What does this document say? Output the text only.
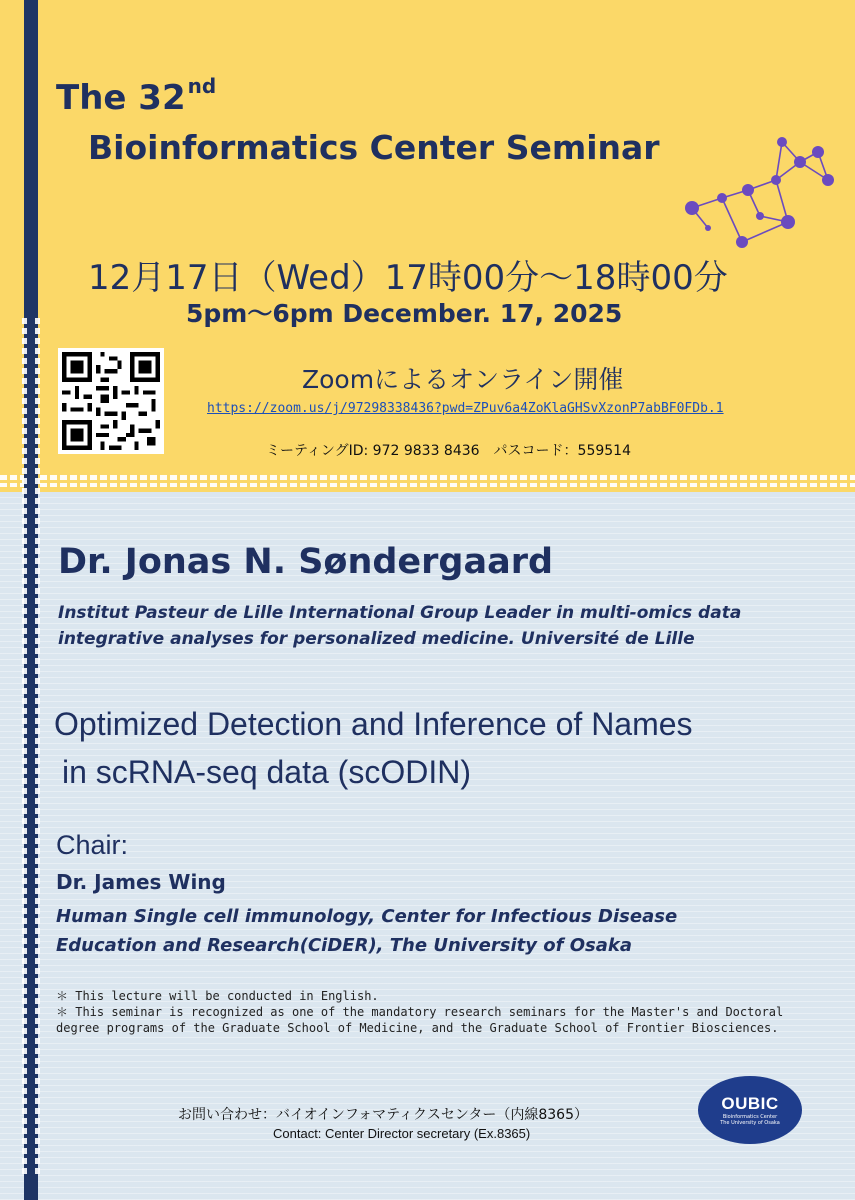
The 32 $^{nd}$
Bioinformatics Center Seminar
12月17日（Wed）17時00分～18時00分
5pm～6pm December. 17, 2025
Zoomによるオンライン開催
https://zoom.us/j/97298338436?pwd=ZPuv6a4ZoKlaGHSvXzonP7abBF0FDb.1
ミーティングID: 972 9833 8436　パスコード：559514
Dr. Jonas N. Søndergaard
Institut Pasteur de Lille International Group Leader in multi-omics data integrative analyses for personalized medicine. Université de Lille
Optimized Detection and Inference of Names
in scRNA-seq data (scODIN)
Chair:
Dr. James Wing
Human Single cell immunology, Center for Infectious Disease
Education and Research(CiDER), The University of Osaka
＊ This lecture will be conducted in English.
＊ This seminar is recognized as one of the mandatory research seminars for the Master's and Doctoral degree programs of the Graduate School of Medicine, and the Graduate School of Frontier Biosciences.
お問い合わせ：バイオインフォマティクスセンター（内線8365）
Contact: Center Director secretary (Ex.8365)
OUBIC
Bioinformatics Center
The University of Osaka
